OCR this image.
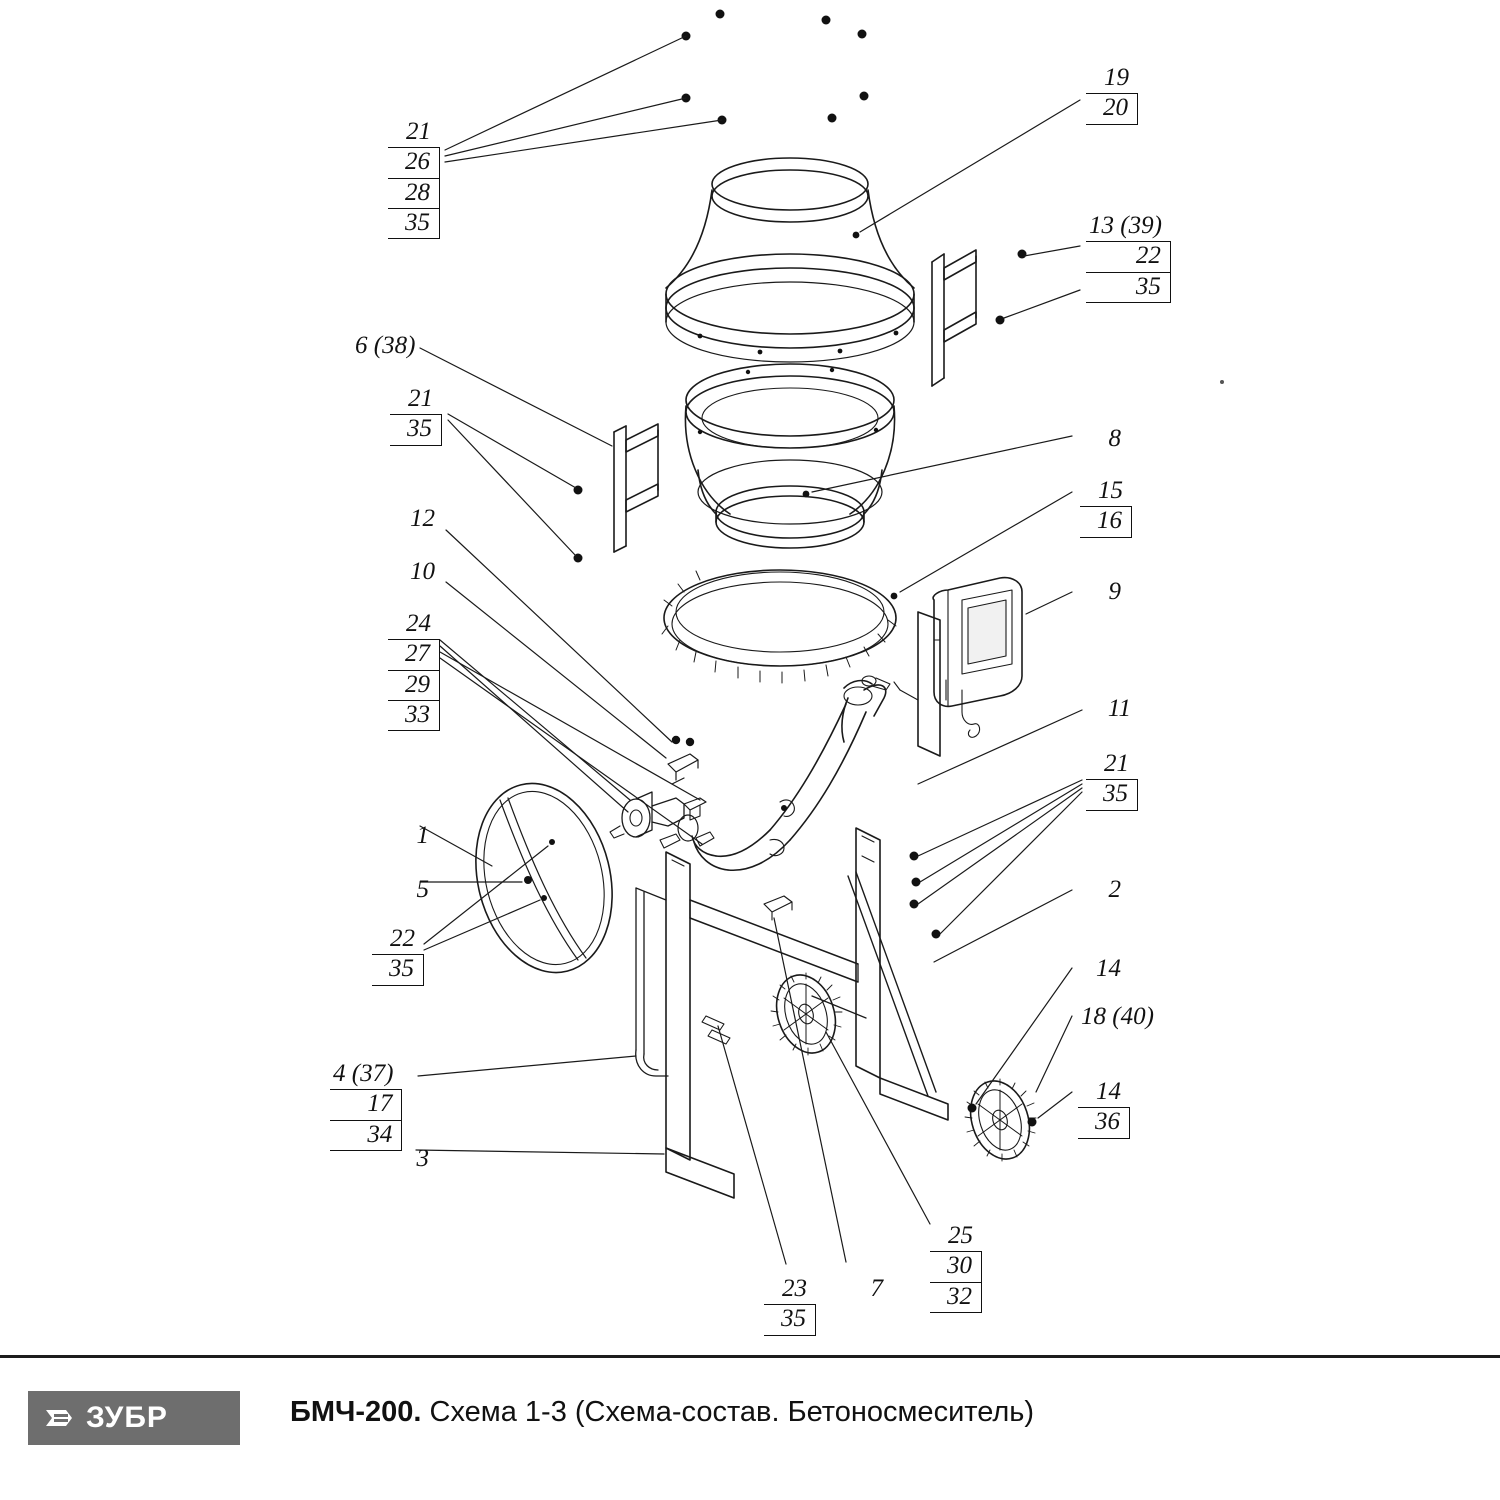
21
26
28
35
19
20
13 (39)
22
35
6 (38)
21
35	8
15
16
12
10
9
24
27
29
33	11
21
35
1
5	2
22
35	14
18 (40)
14
36
4 (37)
17
34
3
25
30
32
23
35
7
ЗУБР	БМЧ-200. Схема 1-3 (Схема-состав. Бетоносмеситель)
